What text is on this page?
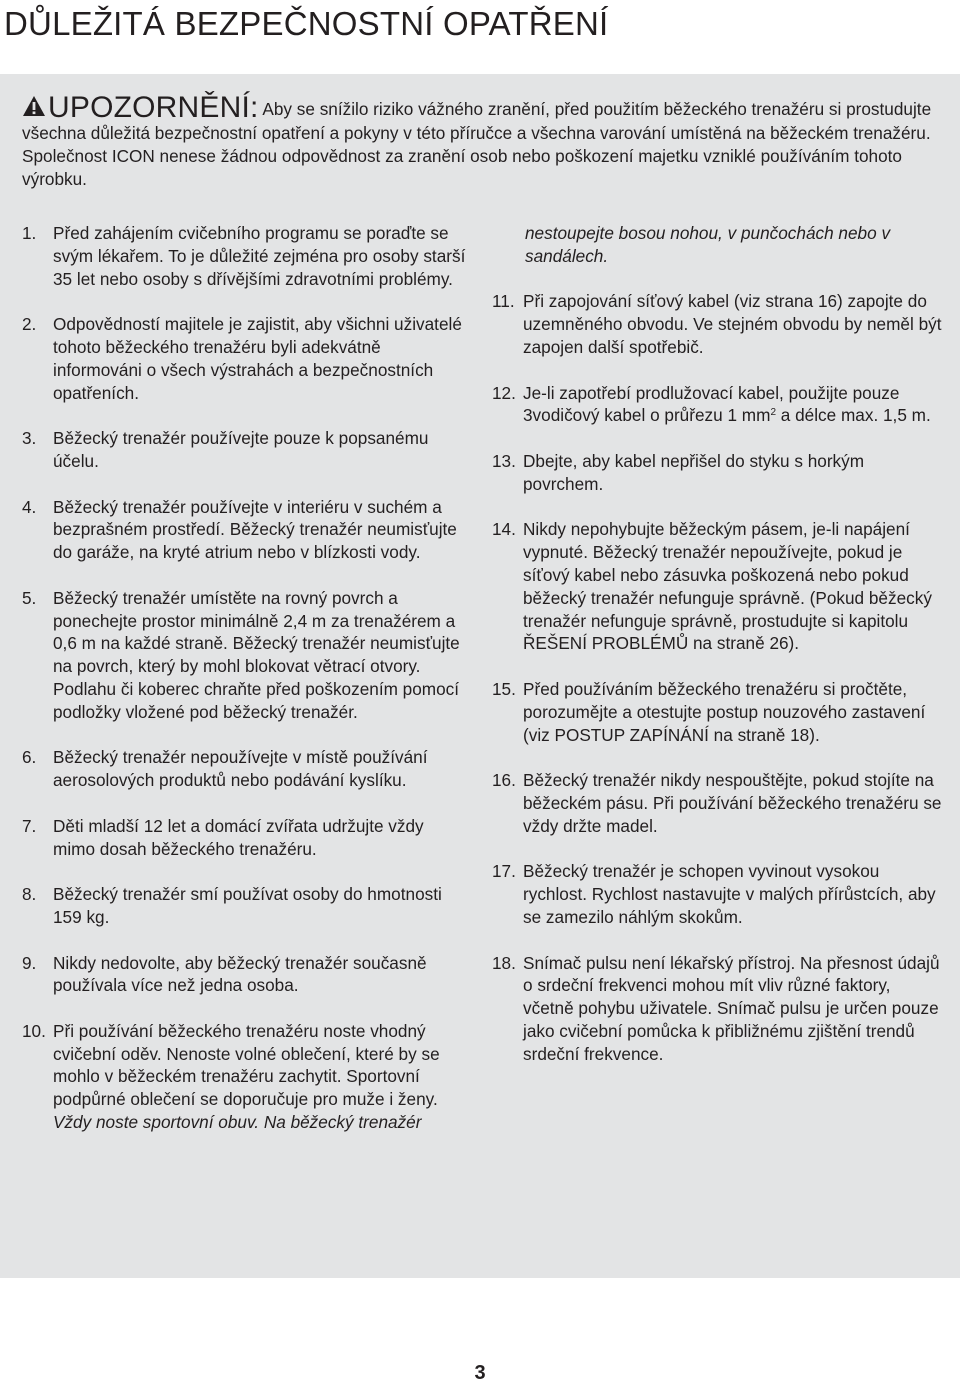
DŮLEŽITÁ BEZPEČNOSTNÍ OPATŘENÍ
UPOZORNĚNÍ: Aby se snížilo riziko vážného zranění, před použitím běžeckého trenažéru si prostudujte všechna důležitá bezpečnostní opatření a pokyny v této příručce a všechna varování umístěná na běžeckém trenažéru. Společnost ICON nenese žádnou odpovědnost za zranění osob nebo poškození majetku vzniklé používáním tohoto výrobku.
1. Před zahájením cvičebního programu se poraďte se svým lékařem. To je důležité zejména pro osoby starší 35 let nebo osoby s dřívějšími zdravotními problémy.
2. Odpovědností majitele je zajistit, aby všichni uživatelé tohoto běžeckého trenažéru byli adekvátně informováni o všech výstrahách a bezpečnostních opatřeních.
3. Běžecký trenažér používejte pouze k popsanému účelu.
4. Běžecký trenažér používejte v interiéru v suchém a bezprašném prostředí. Běžecký trenažér neumisťujte do garáže, na kryté atrium nebo v blízkosti vody.
5. Běžecký trenažér umístěte na rovný povrch a ponechejte prostor minimálně 2,4 m za trenažérem a 0,6 m na každé straně. Běžecký trenažér neumisťujte na povrch, který by mohl blokovat větrací otvory. Podlahu či koberec chraňte před poškozením pomocí podložky vložené pod běžecký trenažér.
6. Běžecký trenažér nepoužívejte v místě používání aerosolových produktů nebo podávání kyslíku.
7. Děti mladší 12 let a domácí zvířata udržujte vždy mimo dosah běžeckého trenažéru.
8. Běžecký trenažér smí používat osoby do hmotnosti 159 kg.
9. Nikdy nedovolte, aby běžecký trenažér současně používala více než jedna osoba.
10. Při používání běžeckého trenažéru noste vhodný cvičební oděv. Nenoste volné oblečení, které by se mohlo v běžeckém trenažéru zachytit. Sportovní podpůrné oblečení se doporučuje pro muže i ženy. Vždy noste sportovní obuv. Na běžecký trenažér
nestoupejte bosou nohou, v punčochách nebo v sandálech.
11. Při zapojování síťový kabel (viz strana 16) zapojte do uzemněného obvodu. Ve stejném obvodu by neměl být zapojen další spotřebič.
12. Je-li zapotřebí prodlužovací kabel, použijte pouze 3vodičový kabel o průřezu 1 $mm^2$ a délce max. 1,5 m.
13. Dbejte, aby kabel nepřišel do styku s horkým povrchem.
14. Nikdy nepohybujte běžeckým pásem, je-li napájení vypnuté. Běžecký trenažér nepoužívejte, pokud je síťový kabel nebo zásuvka poškozená nebo pokud běžecký trenažér nefunguje správně. (Pokud běžecký trenažér nefunguje správně, prostudujte si kapitolu ŘEŠENÍ PROBLÉMŮ na straně 26).
15. Před používáním běžeckého trenažéru si pročtěte, porozumějte a otestujte postup nouzového zastavení (viz POSTUP ZAPÍNÁNÍ na straně 18).
16. Běžecký trenažér nikdy nespouštějte, pokud stojíte na běžeckém pásu. Při používání běžeckého trenažéru se vždy držte madel.
17. Běžecký trenažér je schopen vyvinout vysokou rychlost. Rychlost nastavujte v malých přírůstcích, aby se zamezilo náhlým skokům.
18. Snímač pulsu není lékařský přístroj. Na přesnost údajů o srdeční frekvenci mohou mít vliv různé faktory, včetně pohybu uživatele. Snímač pulsu je určen pouze jako cvičební pomůcka k přibližnému zjištění trendů srdeční frekvence.
3
